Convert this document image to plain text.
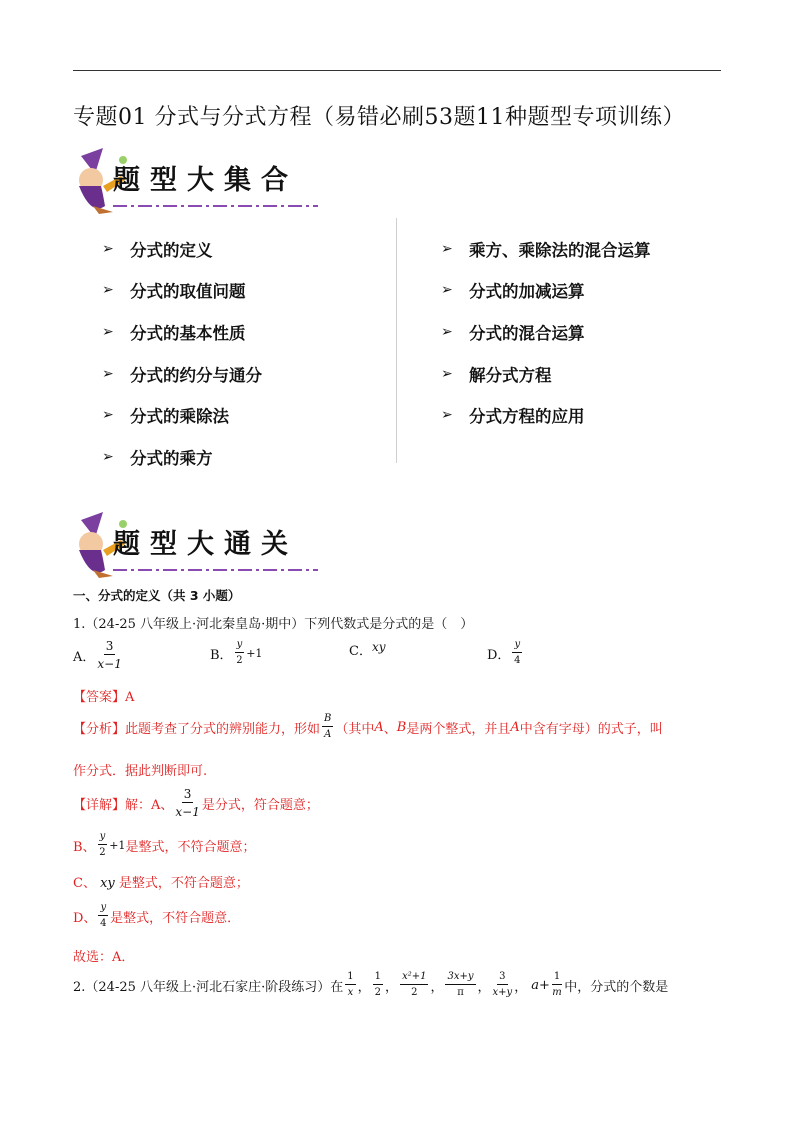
专题01 分式与分式方程（易错必刷53题11种题型专项训练）
题型大集合
➢ 分式的定义
➢ 分式的取值问题
➢ 分式的基本性质
➢ 分式的约分与通分
➢ 分式的乘除法
➢ 分式的乘方
➢ 乘方、乘除法的混合运算
➢ 分式的加减运算
➢ 分式的混合运算
➢ 解分式方程
➢ 分式方程的应用
题型大通关
一、分式的定义（共 3 小题）
1.（24-25 八年级上·河北秦皇岛·期中）下列代数式是分式的是（　）
A． $\frac{3}{x-1}$	B． $\frac{y}{2} +1$	C． xy
D． $\frac{y}{4}$
【答案】A
【分析】此题考查了分式的辨别能力，形如 $\frac{B}{A}$ （其中 A 、 B 是两个整式，并且 A 中含有字母）的式子，叫
作分式．据此判断即可.
【详解】解：A、 $\frac{3}{x-1}$ 是分式，符合题意；
B、 $\frac{y}{2} +1$ 是整式，不符合题意；
C、 xy 是整式，不符合题意；
D、 $\frac{y}{4}$ 是整式，不符合题意．
故选：A．
2.（24-25 八年级上·河北石家庄·阶段练习）在 $\frac{1}{x}$ ， $\frac{1}{2}$ ， $\frac{\text{x²+1}}{2}$ ， $\frac{3x+y}{\pi}$ ， $\frac{3}{x+y}$ ， $a+ \frac{1}{m}$ 中，分式的个数是
